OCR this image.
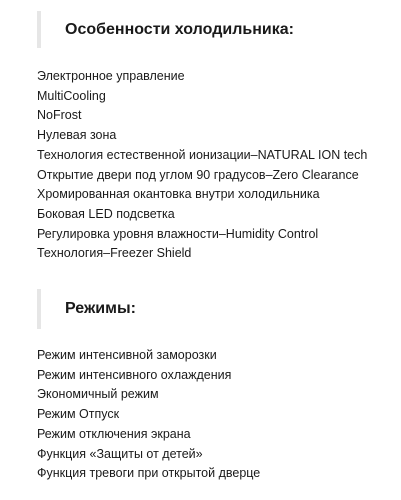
Особенности холодильника:
Электронное управление
MultiCooling
NoFrost
Нулевая зона
Технология естественной ионизации–NATURAL ION tech
Открытие двери под углом 90 градусов–Zero Clearance
Хромированная окантовка внутри холодильника
Боковая LED подсветка
Регулировка уровня влажности–Humidity Control
Технология–Freezer Shield
Режимы:
Режим интенсивной заморозки
Режим интенсивного охлаждения
Экономичный режим
Режим Отпуск
Режим отключения экрана
Функция «Защиты от детей»
Функция тревоги при открытой дверце
